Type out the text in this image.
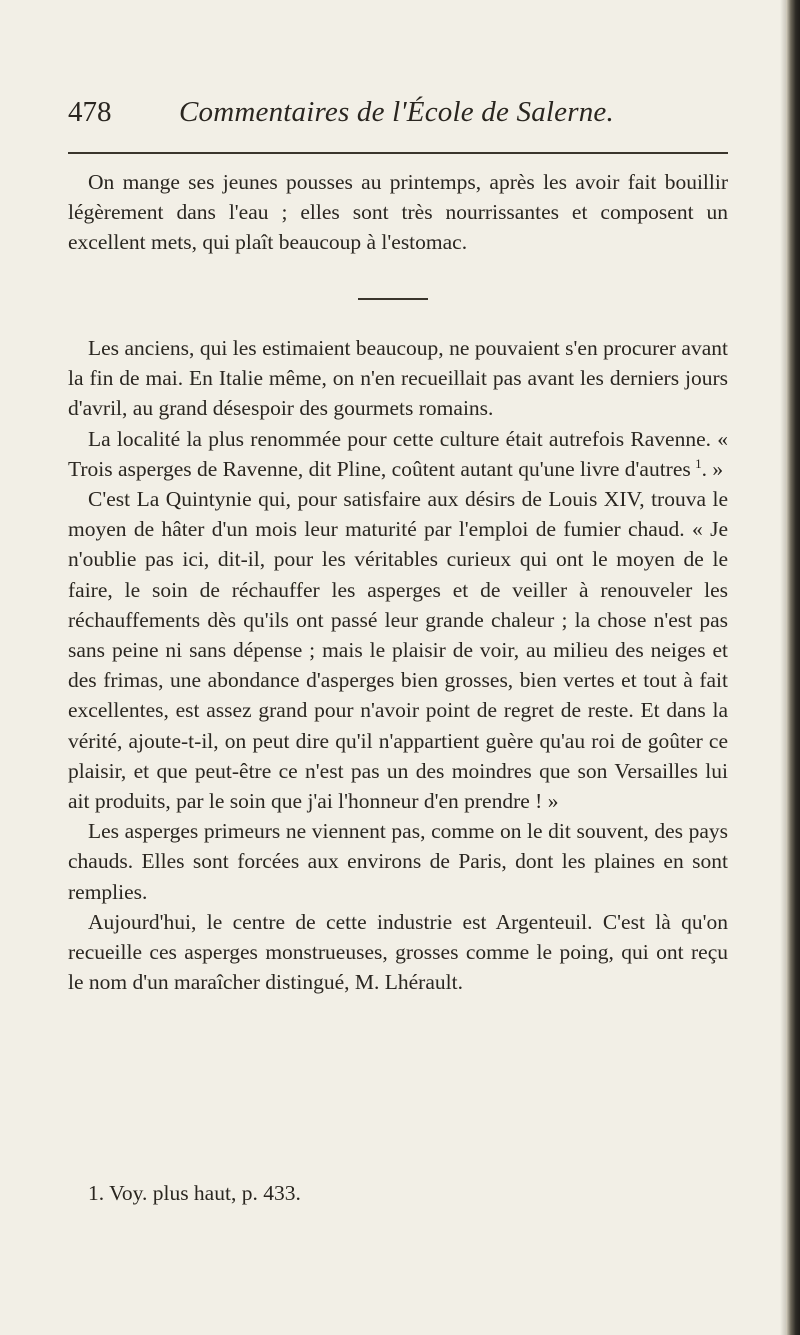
478 Commentaires de l'École de Salerne.

On mange ses jeunes pousses au printemps, après les avoir fait bouillir légèrement dans l'eau ; elles sont très nourrissantes et composent un excellent mets, qui plaît beaucoup à l'estomac.

Les anciens, qui les estimaient beaucoup, ne pouvaient s'en procurer avant la fin de mai. En Italie même, on n'en recueillait pas avant les derniers jours d'avril, au grand désespoir des gourmets romains.

La localité la plus renommée pour cette culture était autrefois Ravenne. « Trois asperges de Ravenne, dit Pline, coûtent autant qu'une livre d'autres  $^1$. »

C'est La Quintynie qui, pour satisfaire aux désirs de Louis XIV, trouva le moyen de hâter d'un mois leur maturité par l'emploi de fumier chaud. « Je n'oublie pas ici, dit-il, pour les véritables curieux qui ont le moyen de le faire, le soin de réchauffer les asperges et de veiller à renouveler les réchauffements dès qu'ils ont passé leur grande chaleur ; la chose n'est pas sans peine ni sans dépense ; mais le plaisir de voir, au milieu des neiges et des frimas, une abondance d'asperges bien grosses, bien vertes et tout à fait excellentes, est assez grand pour n'avoir point de regret de reste. Et dans la vérité, ajoute-t-il, on peut dire qu'il n'appartient guère qu'au roi de goûter ce plaisir, et que peut-être ce n'est pas un des moindres que son Versailles lui ait produits, par le soin que j'ai l'honneur d'en prendre ! »

Les asperges primeurs ne viennent pas, comme on le dit souvent, des pays chauds. Elles sont forcées aux environs de Paris, dont les plaines en sont remplies.

Aujourd'hui, le centre de cette industrie est Argenteuil. C'est là qu'on recueille ces asperges monstrueuses, grosses comme le poing, qui ont reçu le nom d'un maraîcher distingué, M. Lhérault.

1. Voy. plus haut, p. 433.
